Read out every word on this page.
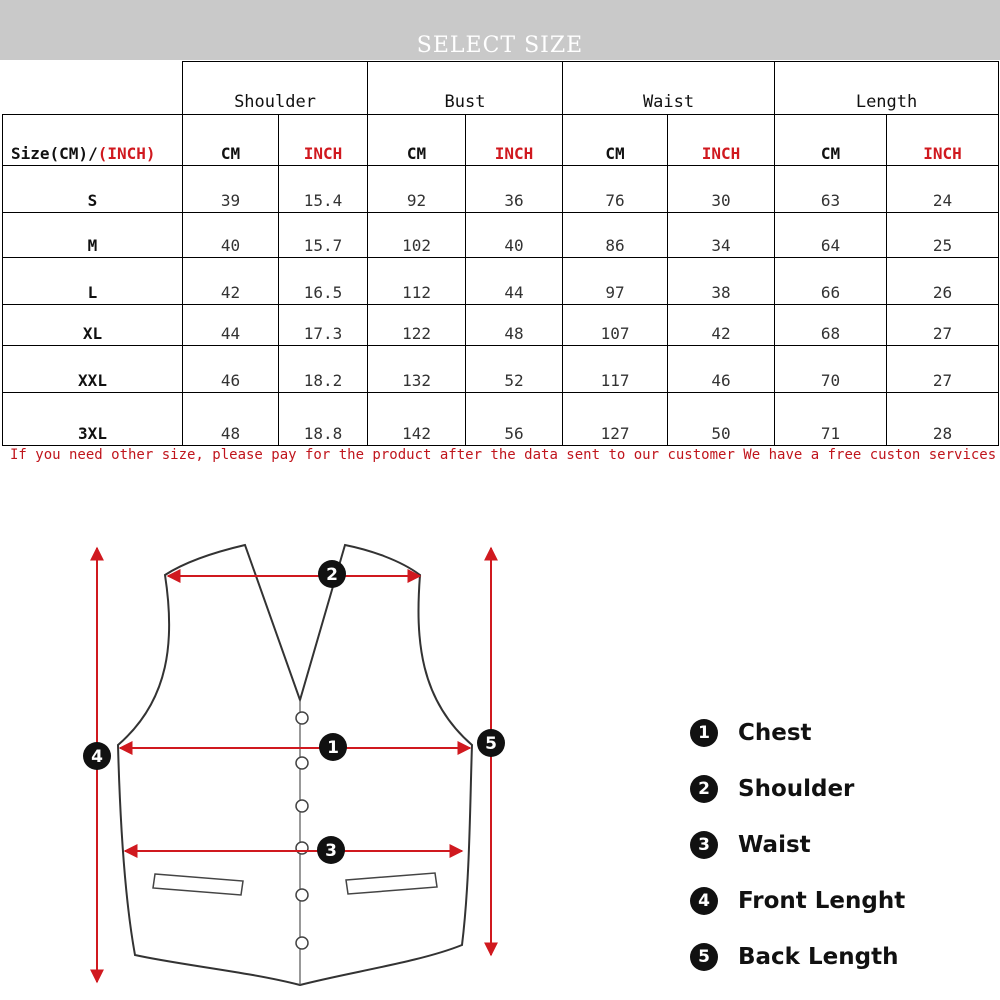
SELECT SIZE
	Shoulder		Bust		Waist		Length	
Size(CM)/(INCH)	CM	INCH	CM	INCH	CM	INCH	CM	INCH
S	39	15.4	92	36	76	30	63	24
M	40	15.7	102	40	86	34	64	25
L	42	16.5	112	44	97	38	66	26
XL	44	17.3	122	48	107	42	68	27
XXL	46	18.2	132	52	117	46	70	27
3XL	48	18.8	142	56	127	50	71	28
If you need other size, please pay for the product after the data sent to our customer We have a free custon services
2
1
3
4
5
1	Chest
2	Shoulder
3	Waist
4	Front Lenght
5	Back Length
